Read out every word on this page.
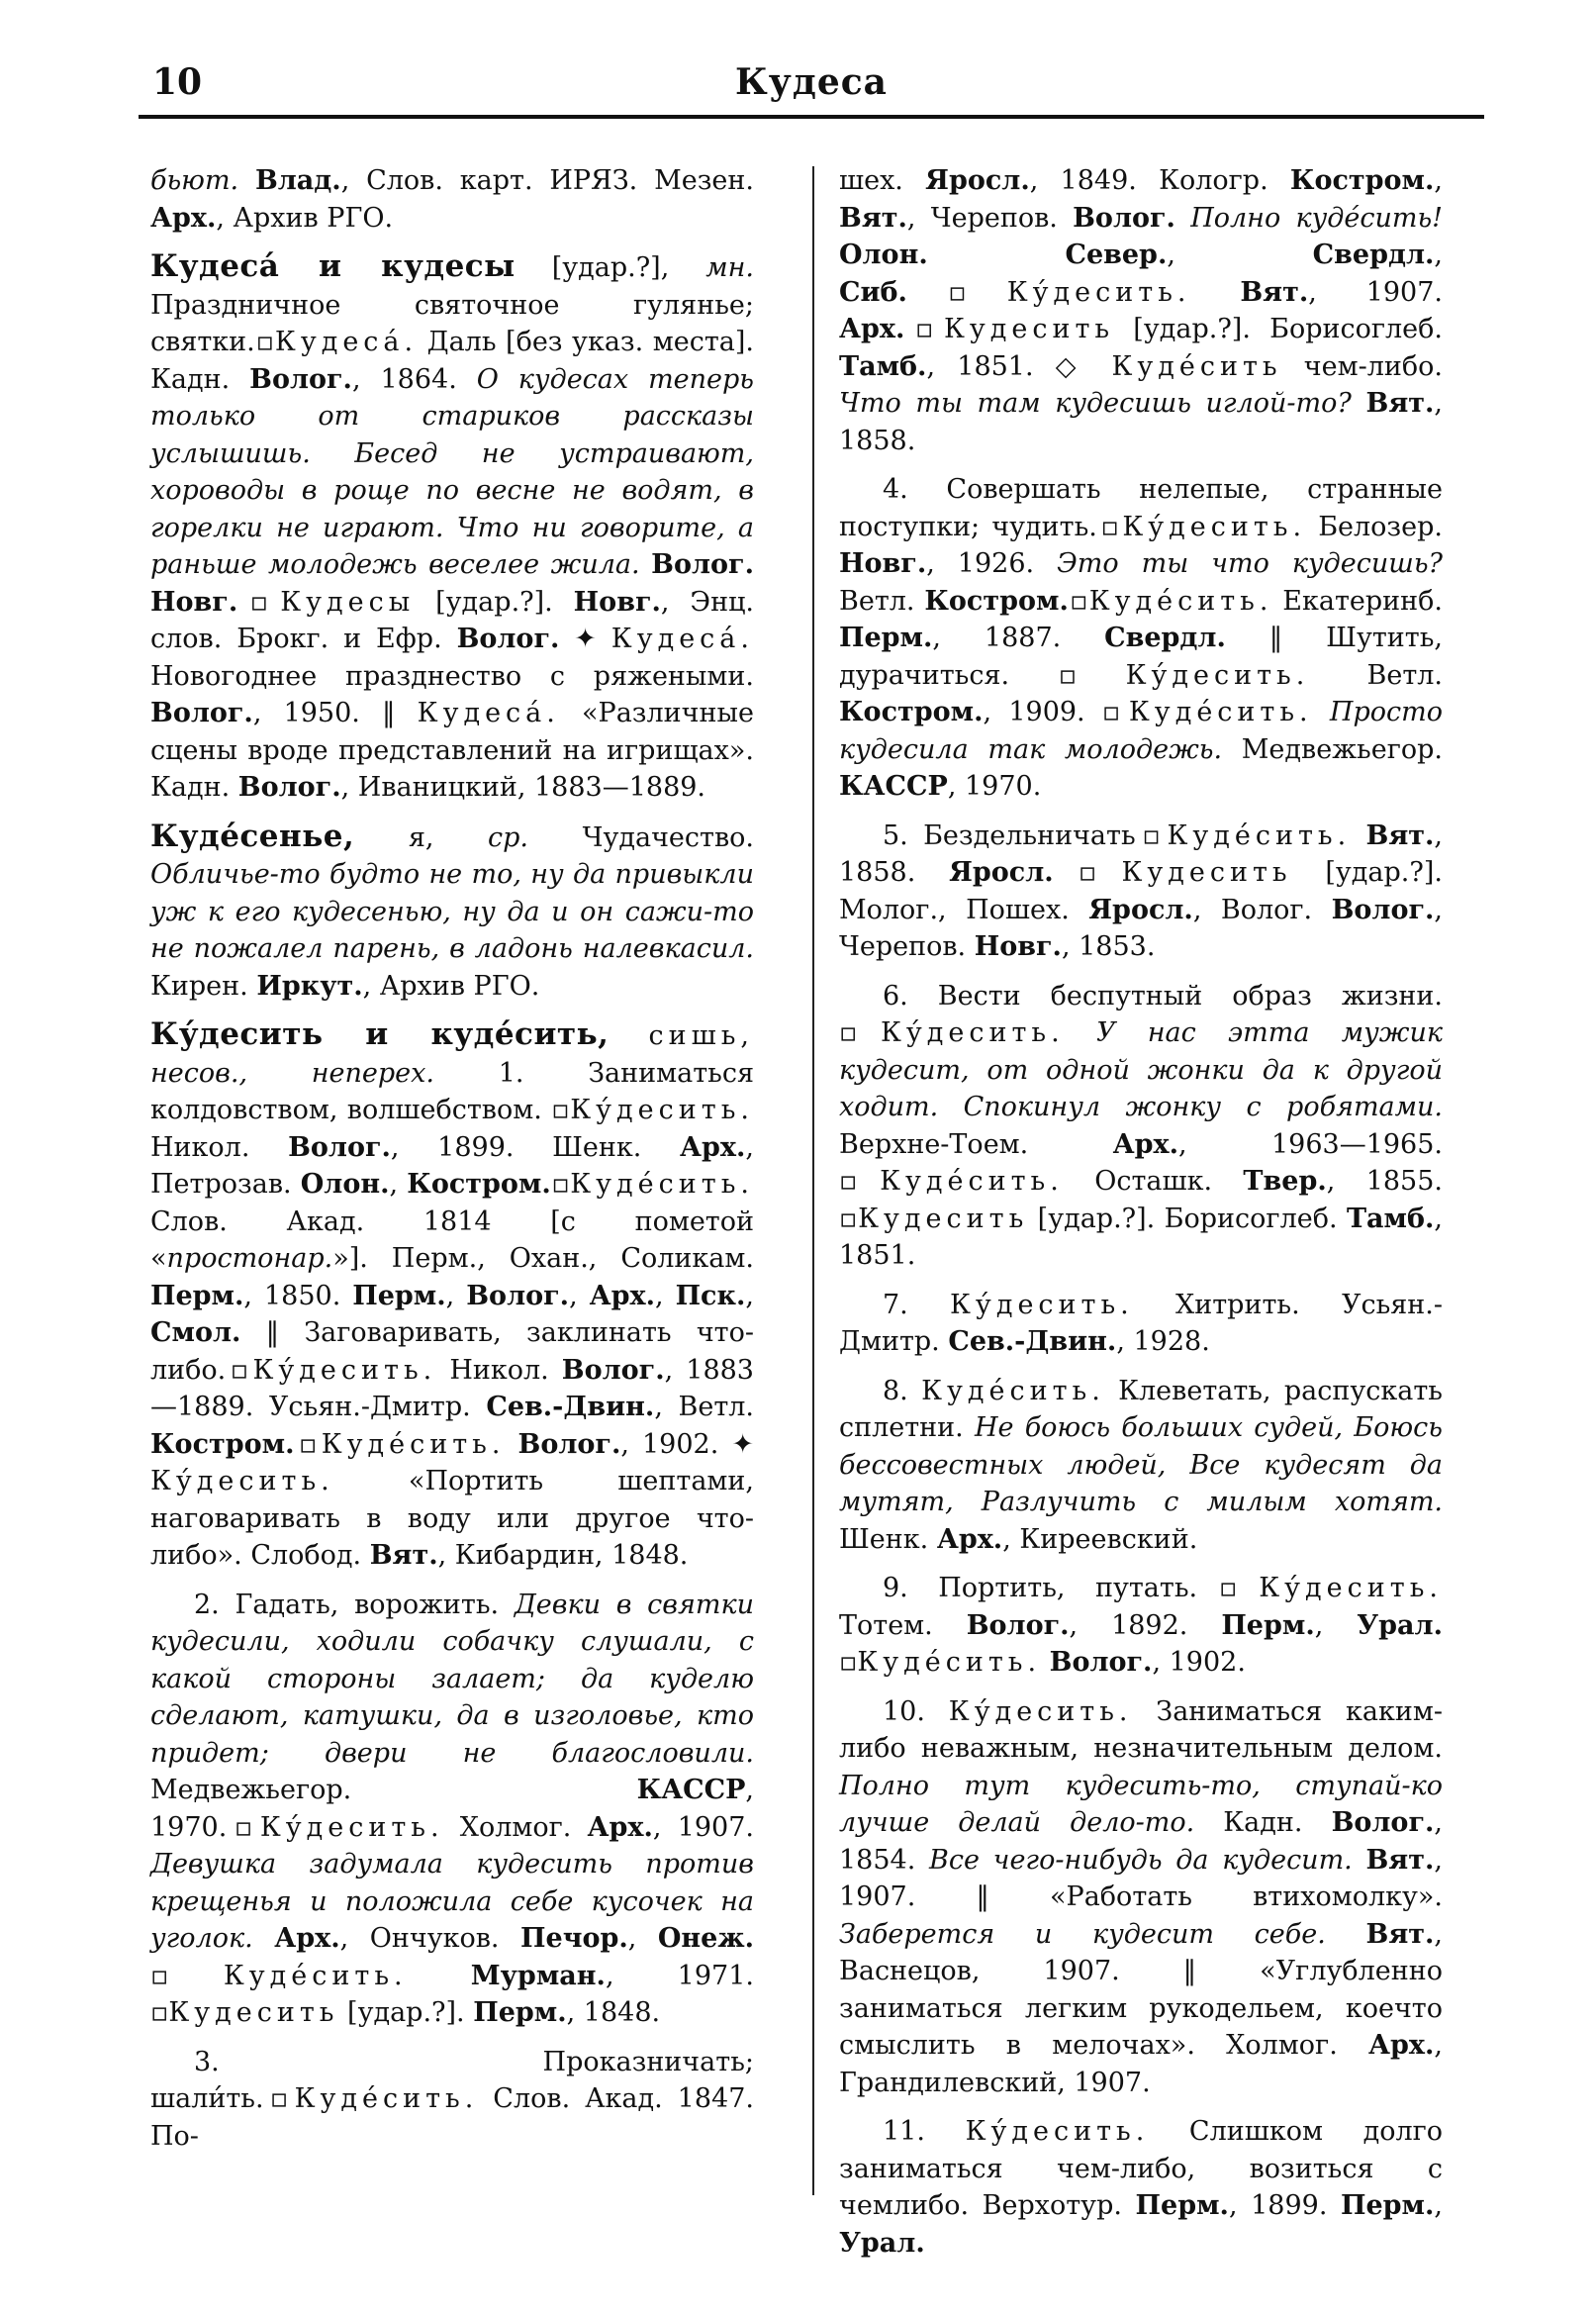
10	Кудеса

бьют. Влад., Слов. карт. ИРЯЗ. Мезен. Арх., Архив РГО.

Кудеса́ и кудесы [удар.?], мн. Праздничное святочное гулянье; святки.▫Кудеса́. Даль [без указ. места]. Кадн. Волог., 1864. О кудесах теперь только от стариков рассказы услышишь. Бесед не устраивают, хороводы в роще по весне не водят, в горелки не играют. Что ни говорите, а раньше молодежь веселее жила. Волог. Новг.▫Кудесы [удар.?]. Новг., Энц. слов. Брокг. и Ефр. Волог. ✦ Кудеса́. Новогоднее празднество с ряжеными. Волог., 1950. ‖ Кудеса́. «Различные сцены вроде представлений на игрищах». Кадн. Волог., Иваницкий, 1883—1889.

Куде́сенье, я, ср. Чудачество. Обличье-то будто не то, ну да привыкли уж к его кудесенью, ну да и он сажи-то не пожалел парень, в ладонь налевкасил. Кирен. Иркут., Архив РГО.

Ку́десить и куде́сить, сишь, несов., неперех. 1. Заниматься колдовством, волшебством. ▫Ку́десить. Никол. Волог., 1899. Шенк. Арх., Петрозав. Олон., Костром.▫Куде́сить. Слов. Акад. 1814 [с пометой «простонар.»]. Перм., Охан., Соликам. Перм., 1850. Перм., Волог., Арх., Пск., Смол. ‖ Заговаривать, заклинать что-либо.▫Ку́десить. Никол. Волог., 1883—1889. Усьян.-Дмитр. Сев.-Двин., Ветл. Костром.▫Куде́сить. Волог., 1902. ✦ Ку́десить. «Портить шептами, наговаривать в воду или другое что-либо». Слобод. Вят., Кибардин, 1848.

2. Гадать, ворожить. Девки в святки кудесили, ходили собачку слушали, с какой стороны залает; да куделю сделают, катушки, да в изголовье, кто придет; двери не благословили. Медвежьегор. КАССР, 1970.▫Ку́десить. Холмог. Арх., 1907. Девушка задумала кудесить против крещенья и положила себе кусочек на уголок. Арх., Ончуков. Печор., Онеж. ▫Куде́сить. Мурман., 1971. ▫Кудесить [удар.?]. Перм., 1848.

3. Проказничать; шали́ть.▫Куде́сить. Слов. Акад. 1847. По-

шех. Яросл., 1849. Кологр. Костром., Вят., Черепов. Волог. Полно куде́сить! Олон.	Север., Свердл., Сиб.▫Ку́десить. Вят., 1907. Арх.▫Кудесить [удар.?]. Борисоглеб. Тамб., 1851. ◇ Куде́сить чем-либо. Что ты там кудесишь иглой-то? Вят., 1858.

4. Совершать нелепые, странные поступки; чудить.▫Ку́десить. Белозер. Новг., 1926. Это ты что кудесишь? Ветл. Костром.▫Куде́сить. Екатеринб. Перм., 1887. Свердл. ‖ Шутить, дурачиться.▫Ку́десить. Ветл. Костром., 1909. ▫Куде́сить. Просто кудесила так молодежь. Медвежьегор. КАССР, 1970.

5. Бездельничать▫Куде́сить. Вят., 1858. Яросл.▫Кудесить [удар.?]. Молог., Пошех. Яросл., Волог. Волог., Черепов. Новг., 1853.

6. Вести беспутный образ жизни. ▫Ку́десить. У нас этта мужик кудесит, от одной жонки да к другой ходит. Спокинул жонку с робятами. Верхне-Тоем. Арх., 1963—1965. ▫Куде́сить. Осташк. Твер., 1855. ▫Кудесить [удар.?]. Борисоглеб. Тамб., 1851.

7. Ку́десить. Хитрить. Усьян.-Дмитр. Сев.-Двин., 1928.

8. Куде́сить. Клеветать, распускать сплетни. Не боюсь больших судей, Боюсь бессовестных людей, Все кудесят да мутят, Разлучить с милым хотят. Шенк. Арх., Киреевский.

9. Портить, путать.▫Ку́десить. Тотем. Волог., 1892. Перм., Урал. ▫Куде́сить. Волог., 1902.

10. Ку́десить. Заниматься каким-либо неважным, незначительным делом. Полно тут кудесить-то, ступай-ко лучше делай дело-то. Кадн. Волог., 1854. Все чего-нибудь да кудесит. Вят., 1907. ‖ «Работать втихомолку». Заберется и кудесит себе. Вят., Васнецов, 1907. ‖ «Углубленно заниматься легким рукодельем, коечто смыслить в мелочах». Холмог. Арх., Грандилевский, 1907.

11. Ку́десить. Слишком долго заниматься чем-либо, возиться с чемлибо. Верхотур. Перм., 1899. Перм., Урал.
